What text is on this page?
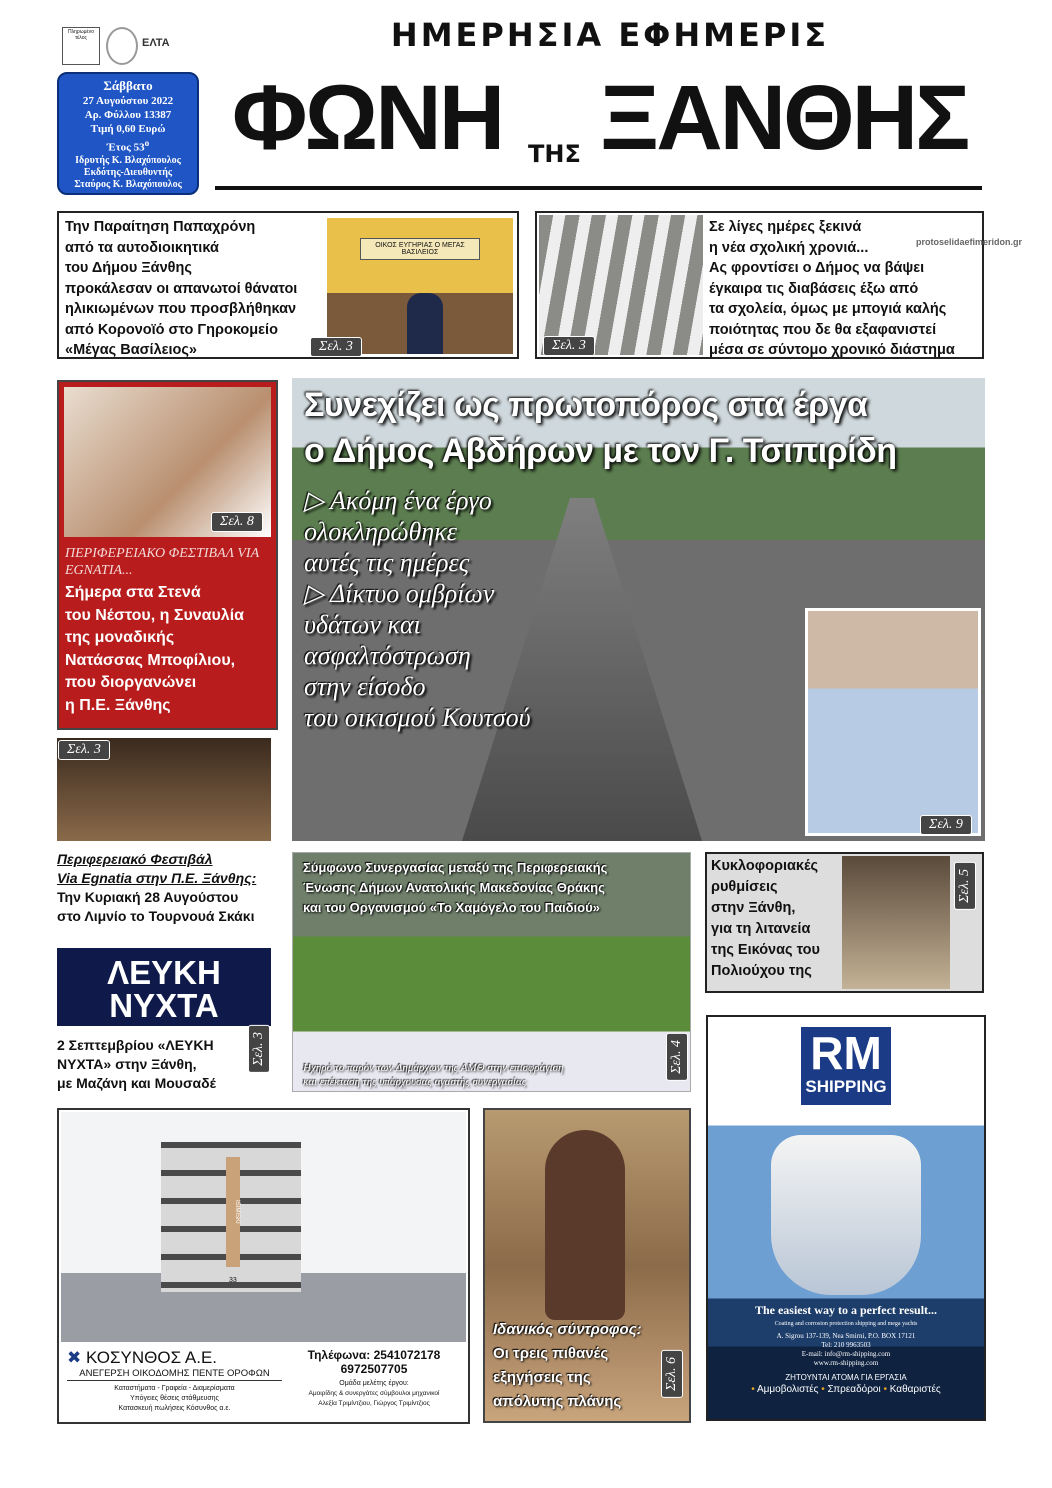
Πληρωμένο τέλος	ΕΛΤΑ
Σάββατο
27 Αυγούστου 2022
Αρ. Φύλλου 13387
Τιμή 0,60 Ευρώ
Έτος $53^o$
Ιδρυτής Κ. Βλαχόπουλος
Εκδότης-Διευθυντής
Σταύρος Κ. Βλαχόπουλος
ΗΜΕΡΗΣΙΑ ΕΦΗΜΕΡΙΣ
ΦΩΝΗ ΤΗΣ ΞΑΝΘΗΣ
Την Παραίτηση Παπαχρόνη
από τα αυτοδιοικητικά
του Δήμου Ξάνθης
προκάλεσαν οι απανωτοί θάνατοι
ηλικιωμένων που προσβλήθηκαν
από Κορονοϊό στο Γηροκομείο
«Μέγας Βασίλειος»
ΟΙΚΟΣ ΕΥΓΗΡΙΑΣ Ο ΜΕΓΑΣ ΒΑΣΙΛΕΙΟΣ
Σελ. 3	Σελ. 3
Σε λίγες ημέρες ξεκινά
η νέα σχολική χρονιά...
Ας φροντίσει ο Δήμος να βάψει
έγκαιρα τις διαβάσεις έξω από
τα σχολεία, όμως με μπογιά καλής
ποιότητας που δε θα εξαφανιστεί
μέσα σε σύντομο χρονικό διάστημα
protoselidaefimeridon.gr
Σελ. 8
ΠΕΡΙΦΕΡΕΙΑΚΟ ΦΕΣΤΙΒΑΛ VIA EGNATIA...
Σήμερα στα Στενά
του Νέστου, η Συναυλία
της μοναδικής
Νατάσσας Μποφίλιου,
που διοργανώνει
η Π.Ε. Ξάνθης
Συνεχίζει ως πρωτοπόρος στα έργα
ο Δήμος Αβδήρων με τον Γ. Τσιπιρίδη
▷ Ακόμη ένα έργο
ολοκληρώθηκε
αυτές τις ημέρες
▷ Δίκτυο ομβρίων
υδάτων και
ασφαλτόστρωση
στην είσοδο
του οικισμού Κουτσού
Σελ. 9
Σελ. 3
Περιφερειακό Φεστιβάλ
Via Egnatia στην Π.Ε. Ξάνθης:
Την Κυριακή 28 Αυγούστου
στο Λιμνίο το Τουρνουά Σκάκι
ΛΕΥΚΗ
ΝΥΧΤΑ
Σελ. 3
2 Σεπτεμβρίου «ΛΕΥΚΗ
ΝΥΧΤΑ» στην Ξάνθη,
με Μαζάνη και Μουσαδέ
Σύμφωνο Συνεργασίας μεταξύ της Περιφερειακής
Ένωσης Δήμων Ανατολικής Μακεδονίας Θράκης
και του Οργανισμού «Το Χαμόγελο του Παιδιού»
Ηχηρό το παρόν των Δημάρχων της ΑΜΘ στην επισφράγιση
και επέκταση της υπάρχουσας αγαστής συνεργασίας
Σελ. 4
Κυκλοφοριακές
ρυθμίσεις
στην Ξάνθη,
για τη λιτανεία
της Εικόνας του
Πολιούχου της
Σελ. 5
RM
SHIPPING
The easiest way to a perfect result...
Coating and corrosion protection shipping and mega yachts
A. Sigrou 137-139, Nea Smirni, P.O. BOX 17121
Tel: 210 9963503
E-mail: info@rm-shipping.com
www.rm-shipping.com
ΖΗΤΟΥΝΤΑΙ ΑΤΟΜΑ ΓΙΑ ΕΡΓΑΣΙΑ
• Αμμοβολιστές • Σπρεαδόροι • Καθαριστές
ISIMISKI
33
✖ ΚΟΣΥΝΘΟΣ Α.Ε.
ΑΝΕΓΕΡΣΗ ΟΙΚΟΔΟΜΗΣ ΠΕΝΤΕ ΟΡΟΦΩΝ
Καταστήματα - Γραφεία - Διαμερίσματα
Υπόγειες θέσεις στάθμευσης
Κατασκευή πωλήσεις Κόσυνθος α.ε.
Τηλέφωνα: 2541072178
6972507705
Ομάδα μελέτης έργου:
Αμοιρίδης & συνεργάτες σύμβουλοι μηχανικοί
Αλεξία Τριμίντζιου, Γιώργος Τριμίντζιος
Ιδανικός σύντροφος:
Οι τρεις πιθανές
εξηγήσεις της
απόλυτης πλάνης
Σελ. 6
